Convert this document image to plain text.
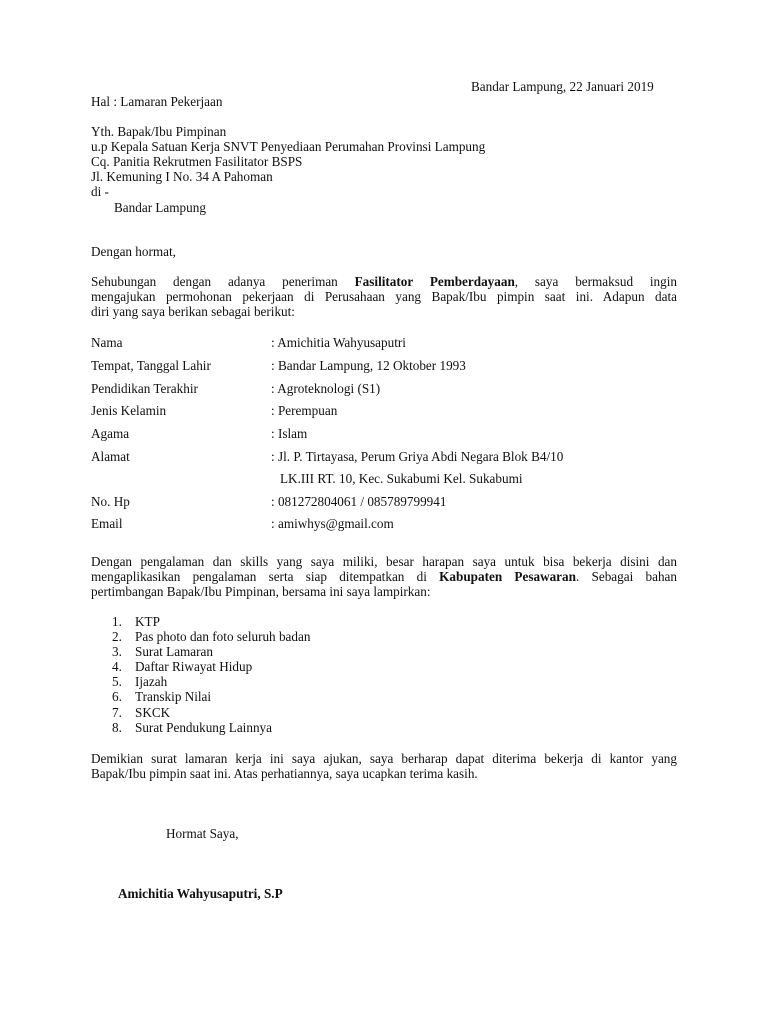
Bandar Lampung, 22 Januari 2019
Hal : Lamaran Pekerjaan
Yth. Bapak/Ibu Pimpinan
u.p Kepala Satuan Kerja SNVT Penyediaan Perumahan Provinsi Lampung
Cq. Panitia Rekrutmen Fasilitator BSPS
Jl. Kemuning I No. 34 A Pahoman
di -
Bandar Lampung
Dengan hormat,
Sehubungan dengan adanya peneriman Fasilitator Pemberdayaan, saya bermaksud ingin
mengajukan permohonan pekerjaan di Perusahaan yang Bapak/Ibu pimpin saat ini. Adapun data
diri yang saya berikan sebagai berikut:
Nama	: Amichitia Wahyusaputri
Tempat, Tanggal Lahir	: Bandar Lampung, 12 Oktober 1993
Pendidikan Terakhir	: Agroteknologi (S1)
Jenis Kelamin	: Perempuan
Agama	: Islam
Alamat	: Jl. P. Tirtayasa, Perum Griya Abdi Negara Blok B4/10
LK.III RT. 10, Kec. Sukabumi Kel. Sukabumi
No. Hp	: 081272804061 / 085789799941
Email	: amiwhys@gmail.com
Dengan pengalaman dan skills yang saya miliki, besar harapan saya untuk bisa bekerja disini dan
mengaplikasikan pengalaman serta siap ditempatkan di Kabupaten Pesawaran. Sebagai bahan
pertimbangan Bapak/Ibu Pimpinan, bersama ini saya lampirkan:
1. KTP
2. Pas photo dan foto seluruh badan
3. Surat Lamaran
4. Daftar Riwayat Hidup
5. Ijazah
6. Transkip Nilai
7. SKCK
8. Surat Pendukung Lainnya
Demikian surat lamaran kerja ini saya ajukan, saya berharap dapat diterima bekerja di kantor yang
Bapak/Ibu pimpin saat ini. Atas perhatiannya, saya ucapkan terima kasih.
Hormat Saya,
Amichitia Wahyusaputri, S.P
